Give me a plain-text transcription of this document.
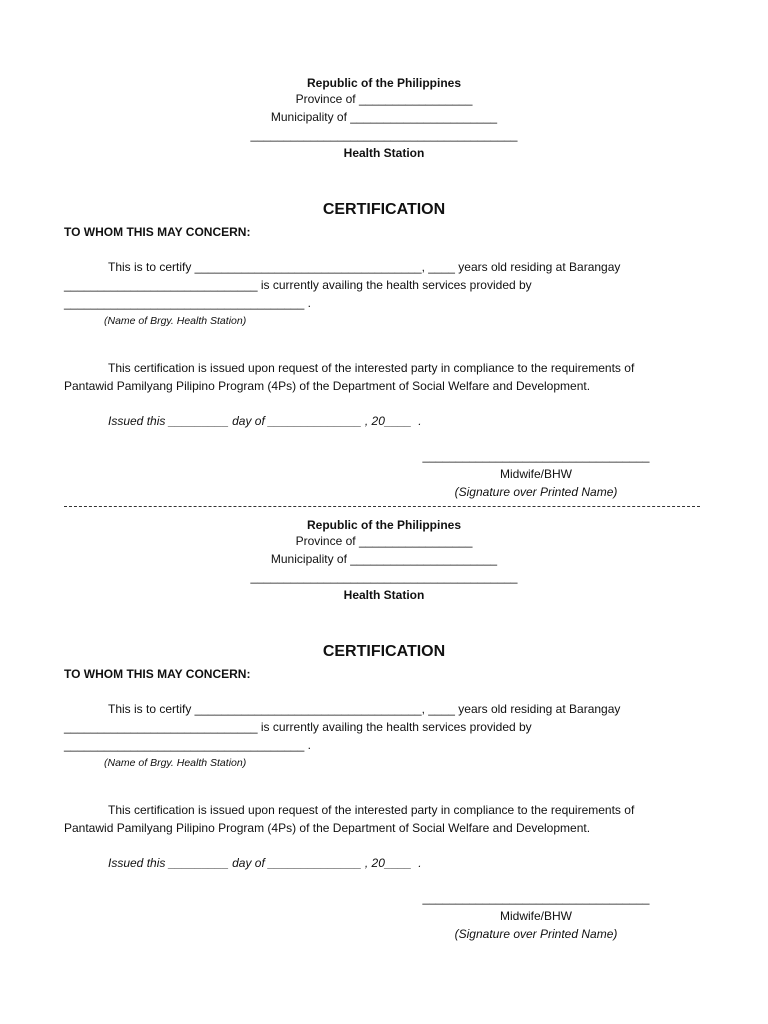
Republic of the Philippines
Province of _________________
Municipality of ______________________
________________________________________
Health Station
CERTIFICATION
TO WHOM THIS MAY CONCERN:
This is to certify __________________________________, ____ years old residing at Barangay
_____________________________ is currently availing the health services provided by
____________________________________ .
(Name of Brgy. Health Station)
This certification is issued upon request of the interested party in compliance to the requirements of
Pantawid Pamilyang Pilipino Program (4Ps) of the Department of Social Welfare and Development.
Issued this _________ day of ______________ , 20____  .
__________________________________
Midwife/BHW
(Signature over Printed Name)
Republic of the Philippines
Province of _________________
Municipality of ______________________
________________________________________
Health Station
CERTIFICATION
TO WHOM THIS MAY CONCERN:
This is to certify __________________________________, ____ years old residing at Barangay
_____________________________ is currently availing the health services provided by
____________________________________ .
(Name of Brgy. Health Station)
This certification is issued upon request of the interested party in compliance to the requirements of
Pantawid Pamilyang Pilipino Program (4Ps) of the Department of Social Welfare and Development.
Issued this _________ day of ______________ , 20____  .
__________________________________
Midwife/BHW
(Signature over Printed Name)
